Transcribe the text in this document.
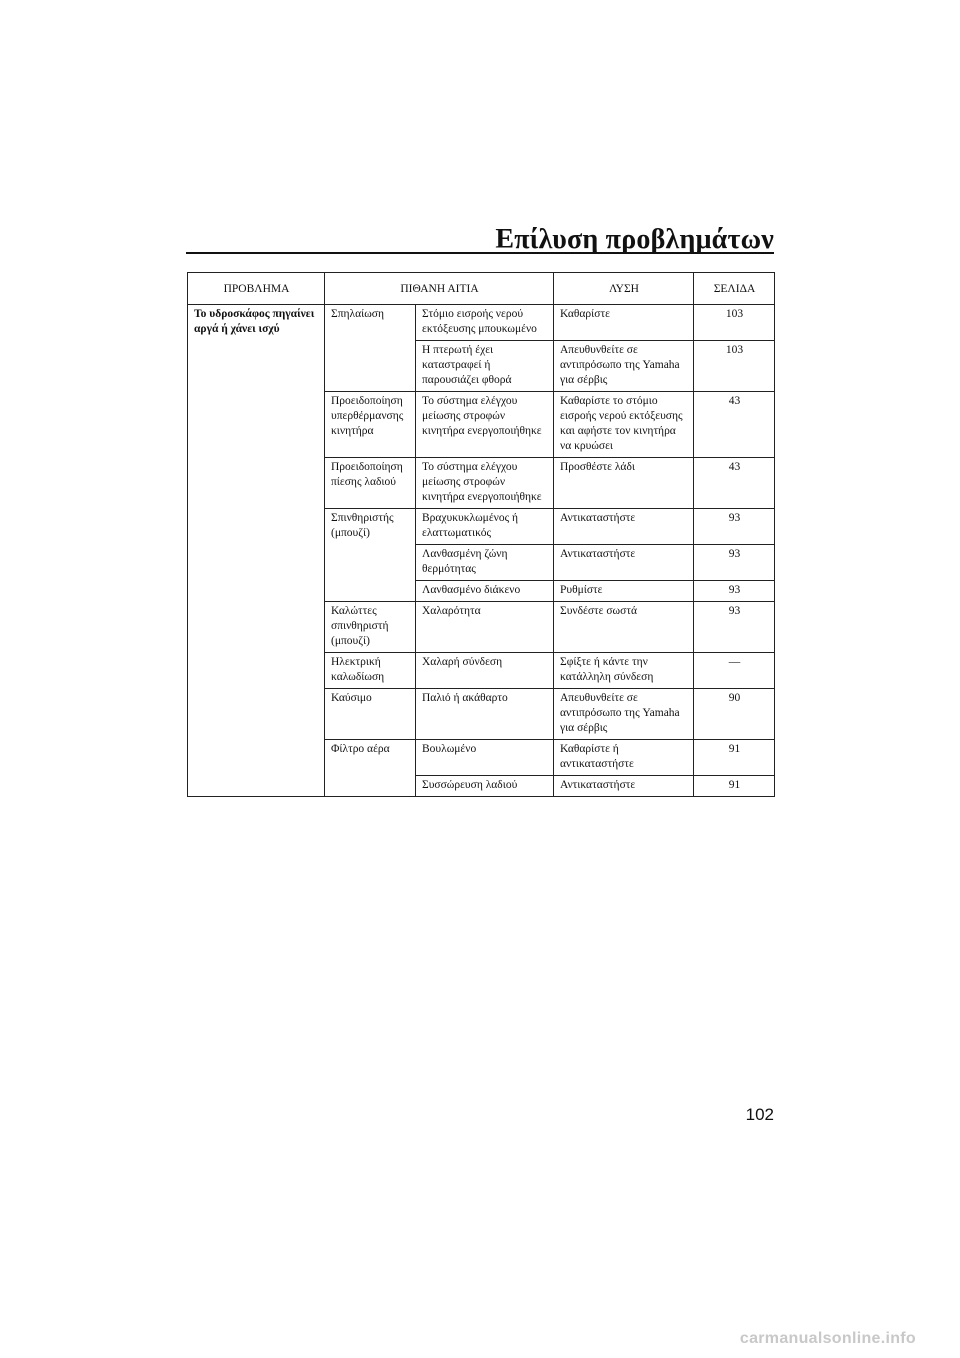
Επίλυση προβλημάτων
ΠΡΟΒΛΗΜΑ	ΠΙΘΑΝΗ ΑΙΤΙΑ		ΛΥΣΗ	ΣΕΛΙΔΑ
Το υδροσκάφος πηγαίνει αργά ή χάνει ισχύ	Σπηλαίωση	Στόμιο εισροής νερού εκτόξευσης μπουκωμένο	Καθαρίστε	103
		Η πτερωτή έχει καταστραφεί ή παρουσιάζει φθορά	Απευθυνθείτε σε αντιπρόσωπο της Yamaha για σέρβις	103
	Προειδοποίηση υπερθέρμανσης κινητήρα	Το σύστημα ελέγχου μείωσης στροφών κινητήρα ενεργοποιήθηκε	Καθαρίστε το στόμιο εισροής νερού εκτόξευσης και αφήστε τον κινητήρα να κρυώσει	43
	Προειδοποίηση πίεσης λαδιού	Το σύστημα ελέγχου μείωσης στροφών κινητήρα ενεργοποιήθηκε	Προσθέστε λάδι	43
	Σπινθηριστής (μπουζί)	Βραχυκυκλωμένος ή ελαττωματικός	Αντικαταστήστε	93
		Λανθασμένη ζώνη θερμότητας	Αντικαταστήστε	93
		Λανθασμένο διάκενο	Ρυθμίστε	93
	Καλώττες σπινθηριστή (μπουζί)	Χαλαρότητα	Συνδέστε σωστά	93
	Ηλεκτρική καλωδίωση	Χαλαρή σύνδεση	Σφίξτε ή κάντε την κατάλληλη σύνδεση	—
	Καύσιμο	Παλιό ή ακάθαρτο	Απευθυνθείτε σε αντιπρόσωπο της Yamaha για σέρβις	90
	Φίλτρο αέρα	Βουλωμένο	Καθαρίστε ή αντικαταστήστε	91
		Συσσώρευση λαδιού	Αντικαταστήστε	91
102
carmanualsonline.info
